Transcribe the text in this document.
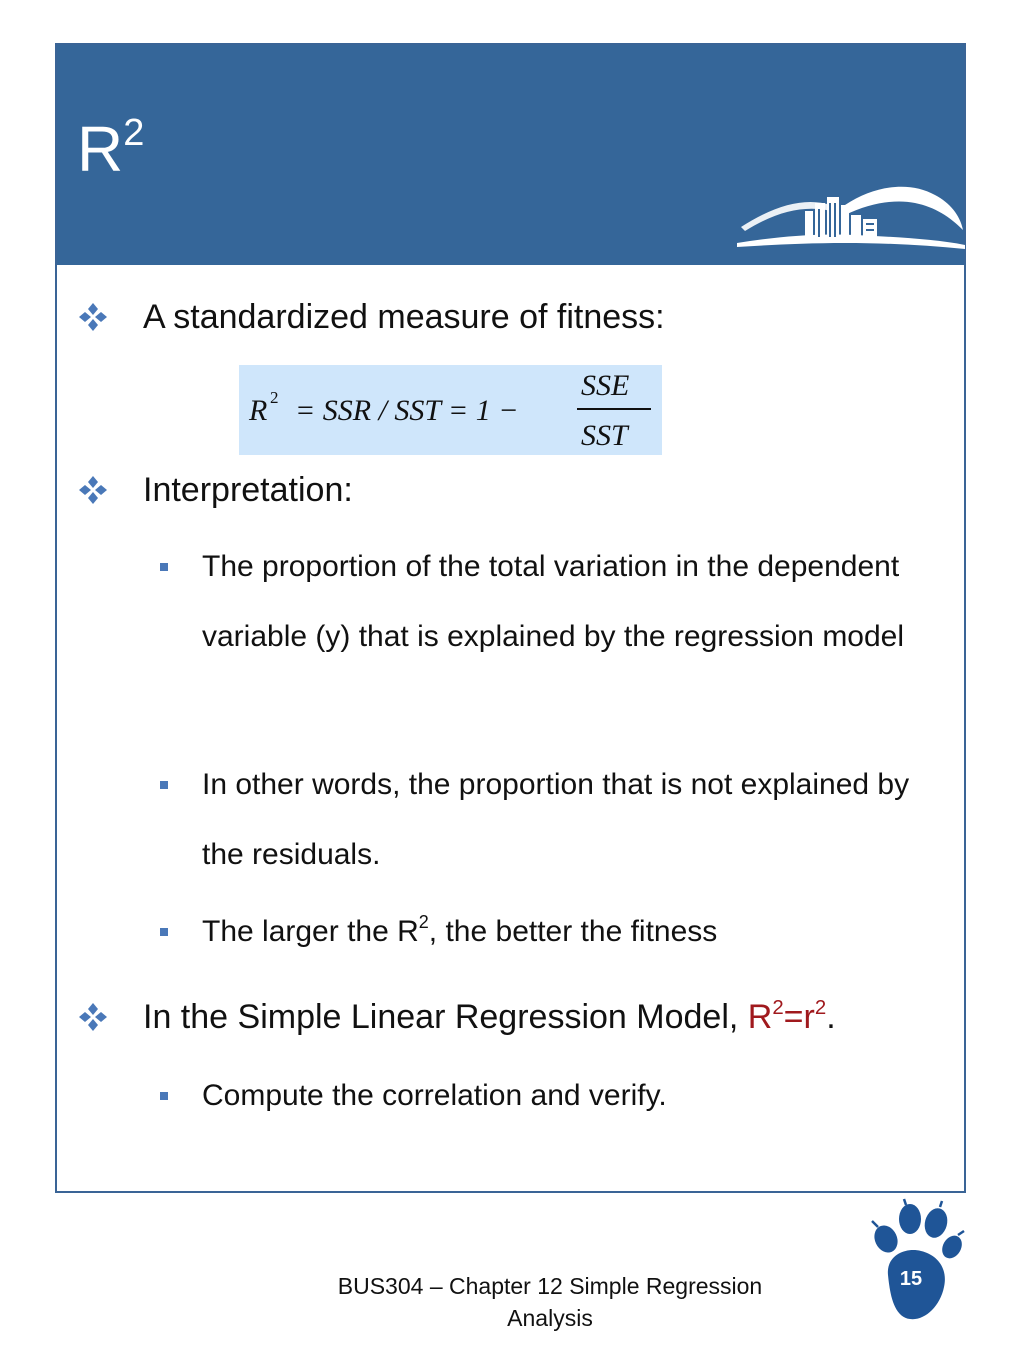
$R^2$
A standardized measure of fitness:
R 2 = SSR / SST = 1 −
SSE
SST
Interpretation:
The proportion of the total variation in the dependent variable (y) that is explained by the regression model
In other words, the proportion that is not explained by the residuals.
The larger the $R^2$, the better the fitness
In the Simple Linear Regression Model, $R^2=r^2$.
Compute the correlation and verify.
BUS304 – Chapter 12 Simple Regression
Analysis
15
